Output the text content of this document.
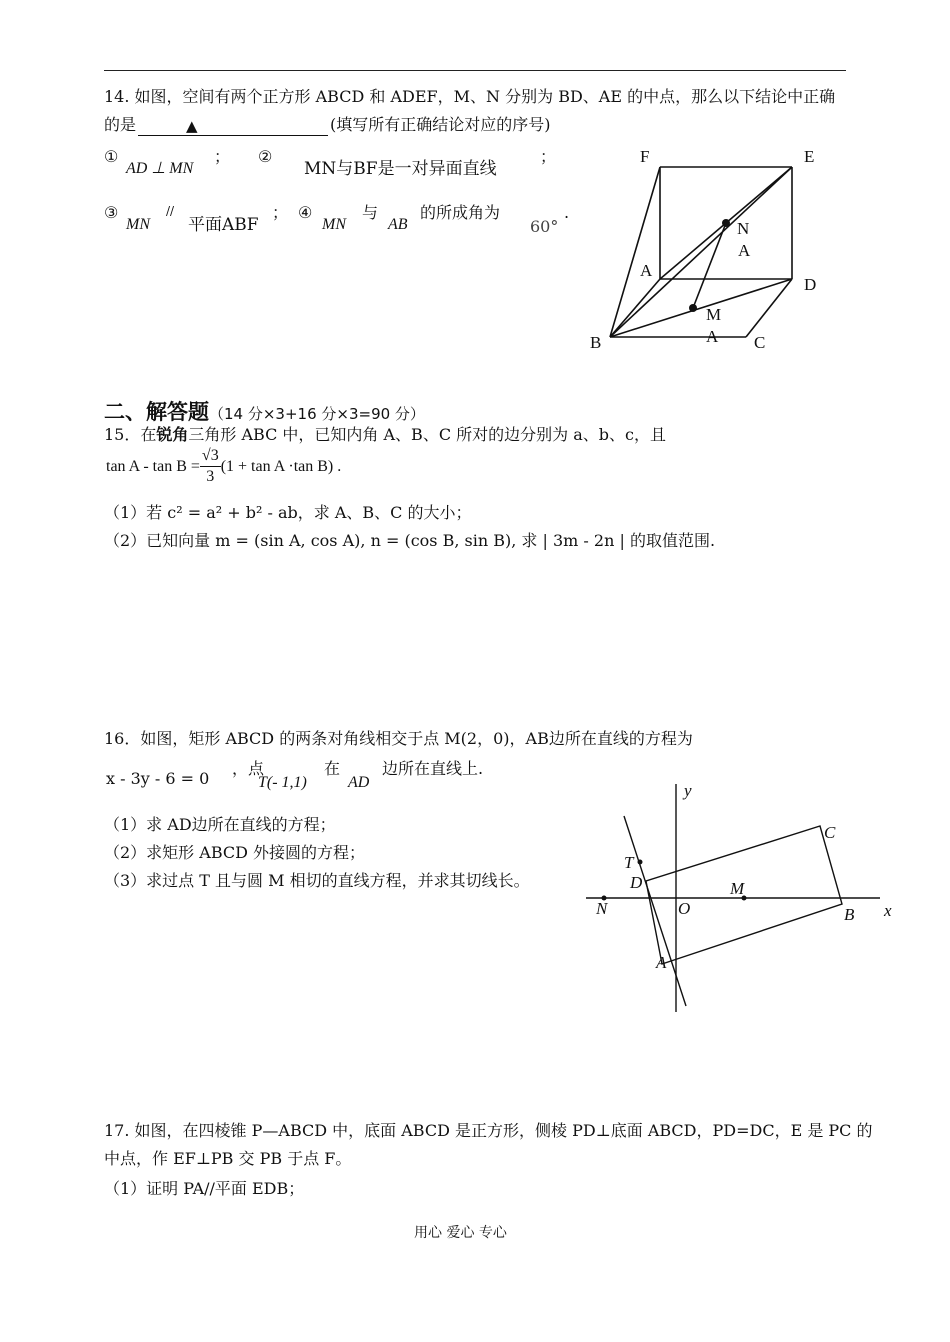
14. 如图，空间有两个正方形 ABCD 和 ADEF，M、N 分别为 BD、AE 的中点，那么以下结论中正确
的是	▲	(填写所有正确结论对应的序号)
①
AD ⊥ MN
； ②
MN与BF是一对异面直线
；
③
MN
//
平面ABF
； ④
MN
与
AB
的所成角为
60°
.
F	E
N
A
A
D
M
A
B	C
二、解答题（14 分×3+16 分×3=90 分）
15．在锐角三角形 ABC 中，已知内角 A、B、C 所对的边分别为 a、b、c，且
$\tan A - \tan B = \frac{√3}{3} (1 + \tan A \cdot\tan$ B) .
（1）若 c² = a² + b² - ab，求 A、B、C 的大小；
（2）已知向量 m = (sin A, cos A), n = (cos B, sin B), 求 | 3m - 2n | 的取值范围.
16．如图，矩形 ABCD 的两条对角线相交于点 M(2，0)，AB边所在直线的方程为
x - 3y - 6 = 0
，点
T(- 1,1)
在
AD
边所在直线上.
（1）求 AD边所在直线的方程；
（2）求矩形 ABCD 外接圆的方程；
（3）求过点 T 且与圆 M 相切的直线方程，并求其切线长。
y
C
T
D	M
N	O	B x
A
17. 如图，在四棱锥 P—ABCD 中，底面 ABCD 是正方形，侧棱 PD⊥底面 ABCD，PD=DC，E 是 PC 的
中点，作 EF⊥PB 交 PB 于点 F。
（1）证明 PA//平面 EDB；
用心 爱心 专心
